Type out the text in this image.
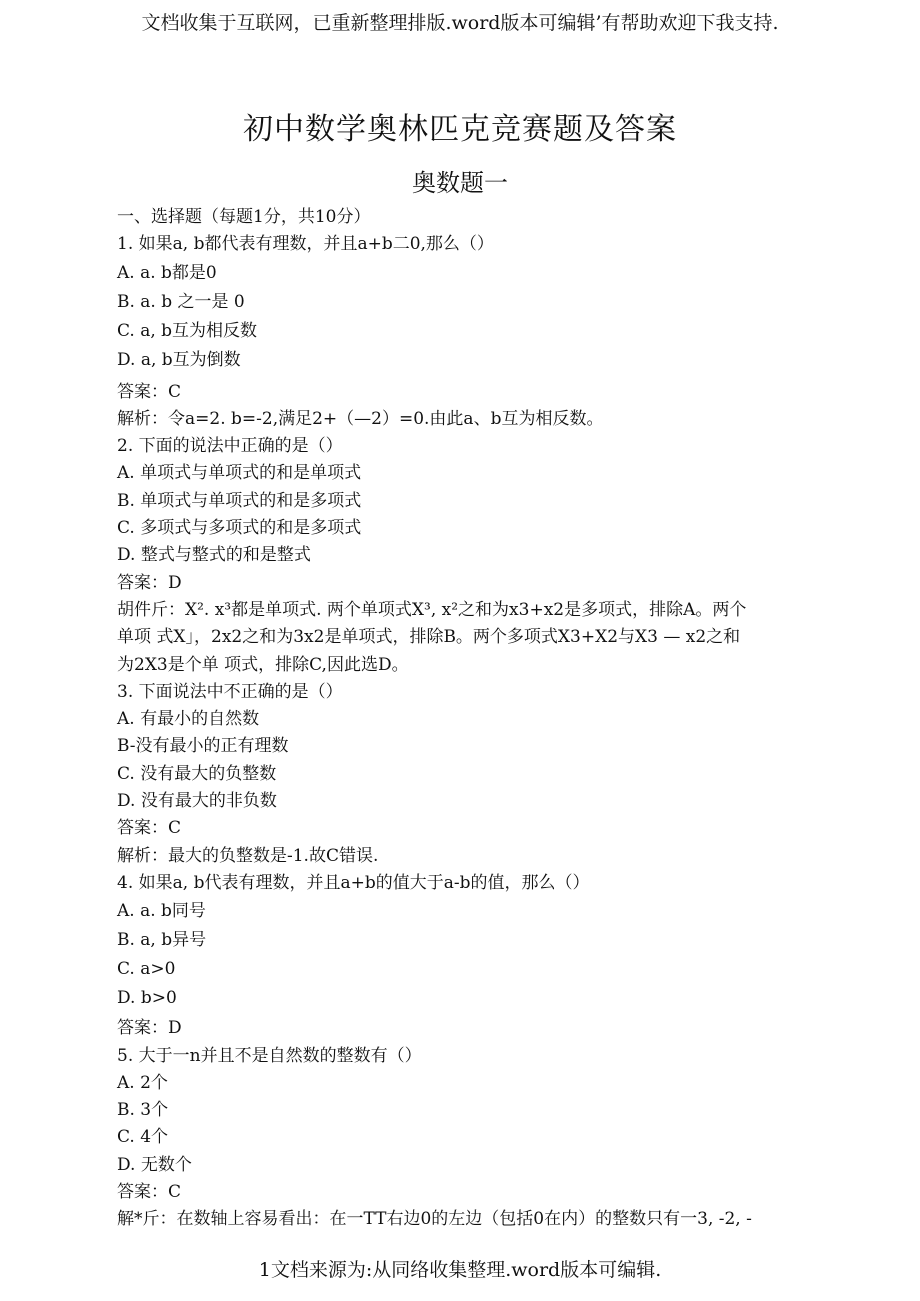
文档收集于互联网，已重新整理排版.word版本可编辑’有帮助欢迎下我支持.
初中数学奥林匹克竞赛题及答案
奥数题一
一、选择题（每题1分，共10分）
1. 如果a, b都代表有理数，并且a+b二0,那么（）
A. a. b都是0
B. a. b 之一是 0
C. a, b互为相反数
D. a, b互为倒数
答案：C
解析：令a=2. b=-2,满足2+（—2）=0.由此a、b互为相反数。
2. 下面的说法中正确的是（）
A. 单项式与单项式的和是单项式
B. 单项式与单项式的和是多项式
C. 多项式与多项式的和是多项式
D. 整式与整式的和是整式
答案：D
胡件斤：X². x³都是单项式. 两个单项式X³, x²之和为x3+x2是多项式，排除A。两个
单项 式X」，2x2之和为3x2是单项式，排除B。两个多项式X3+X2与X3 — x2之和
为2X3是个单 项式，排除C,因此选D。
3. 下面说法中不正确的是（）
A. 有最小的自然数
B-没有最小的正有理数
C. 没有最大的负整数
D. 没有最大的非负数
答案：C
解析：最大的负整数是-1.故C错误.
4. 如果a, b代表有理数，并且a+b的值大于a-b的值，那么（）
A. a. b同号
B. a, b异号
C. a>0
D. b>0
答案：D
5. 大于一n并且不是自然数的整数有（）
A. 2个
B. 3个
C. 4个
D. 无数个
答案：C
解*斤：在数轴上容易看出：在一TT右边0的左边（包括0在内）的整数只有一3, -2, -
1文档来源为:从同络收集整理.word版本可编辑.
